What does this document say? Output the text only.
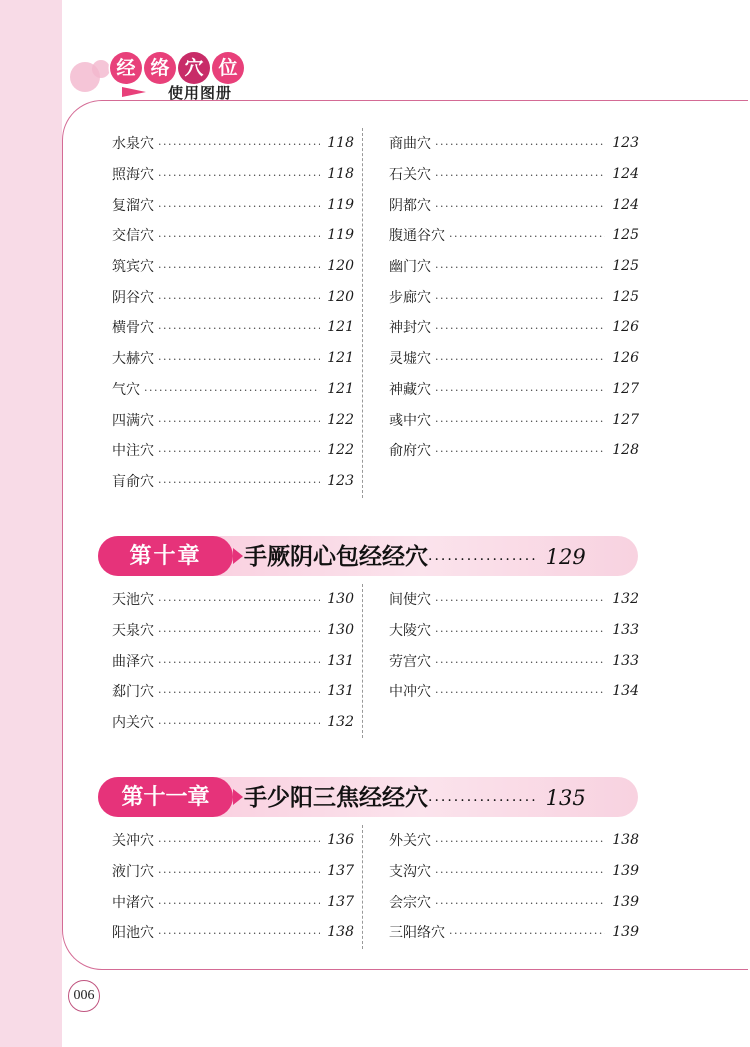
经 络 穴 位
使用图册
水泉穴 ·····	118
照海穴 ·····	118
复溜穴 ·····	119
交信穴 ·····	119
筑宾穴 ·····	120
阴谷穴 ·····	120
横骨穴 ·····	121
大赫穴 ·····	121
气穴 ·····	121
四满穴 ·····	122
中注穴 ·····	122
肓俞穴 ·····	123
商曲穴 ·····	123
石关穴 ·····	124
阴都穴 ·····	124
腹通谷穴 ·····	125
幽门穴 ·····	125
步廊穴 ·····	125
神封穴 ·····	126
灵墟穴 ·····	126
神藏穴 ·····	127
彧中穴 ·····	127
俞府穴 ·····	128
第十章	手厥阴心包经经穴················· 129
天池穴 ·····	130
天泉穴 ·····	130
曲泽穴 ·····	131
郄门穴 ·····	131
内关穴 ·····	132
间使穴 ·····	132
大陵穴 ·····	133
劳宫穴 ·····	133
中冲穴 ·····	134
第十一章	手少阳三焦经经穴················· 135
关冲穴 ·····	136
液门穴 ·····	137
中渚穴 ·····	137
阳池穴 ·····	138
外关穴 ·····	138
支沟穴 ·····	139
会宗穴 ·····	139
三阳络穴 ·····	139
006
